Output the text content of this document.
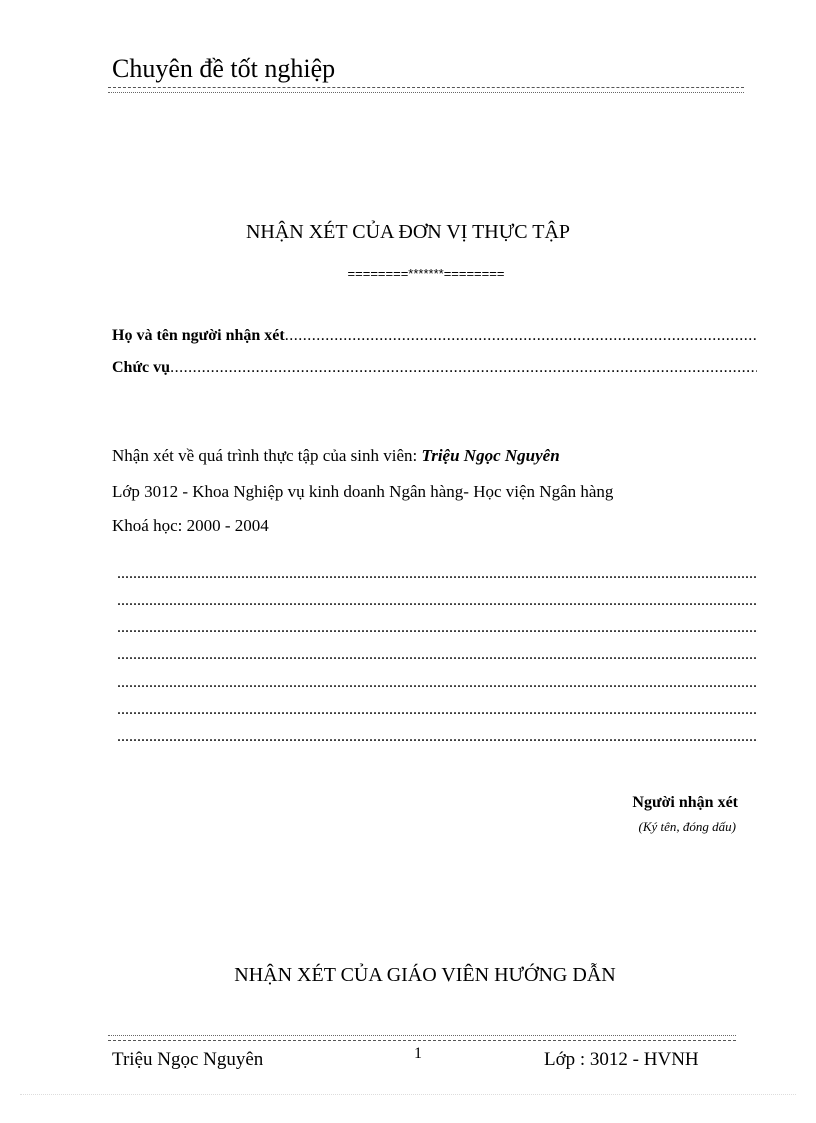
Chuyên đề tốt nghiệp
NHẬN XÉT CỦA ĐƠN VỊ THỰC TẬP
========*******========
Họ và tên người nhận xét
.....
Chức vụ
.....
Nhận xét về quá trình thực tập của sinh viên: Triệu Ngọc Nguyên
Lớp 3012 - Khoa Nghiệp vụ kinh doanh Ngân hàng- Học viện Ngân hàng
Khoá học: 2000 - 2004
.....
.....
.....
.....
.....
.....
.....
Người nhận xét
(Ký tên, đóng dấu)
NHẬN XÉT CỦA GIÁO VIÊN HƯỚNG DẪN
Triệu Ngọc Nguyên	1	Lớp : 3012 - HVNH
